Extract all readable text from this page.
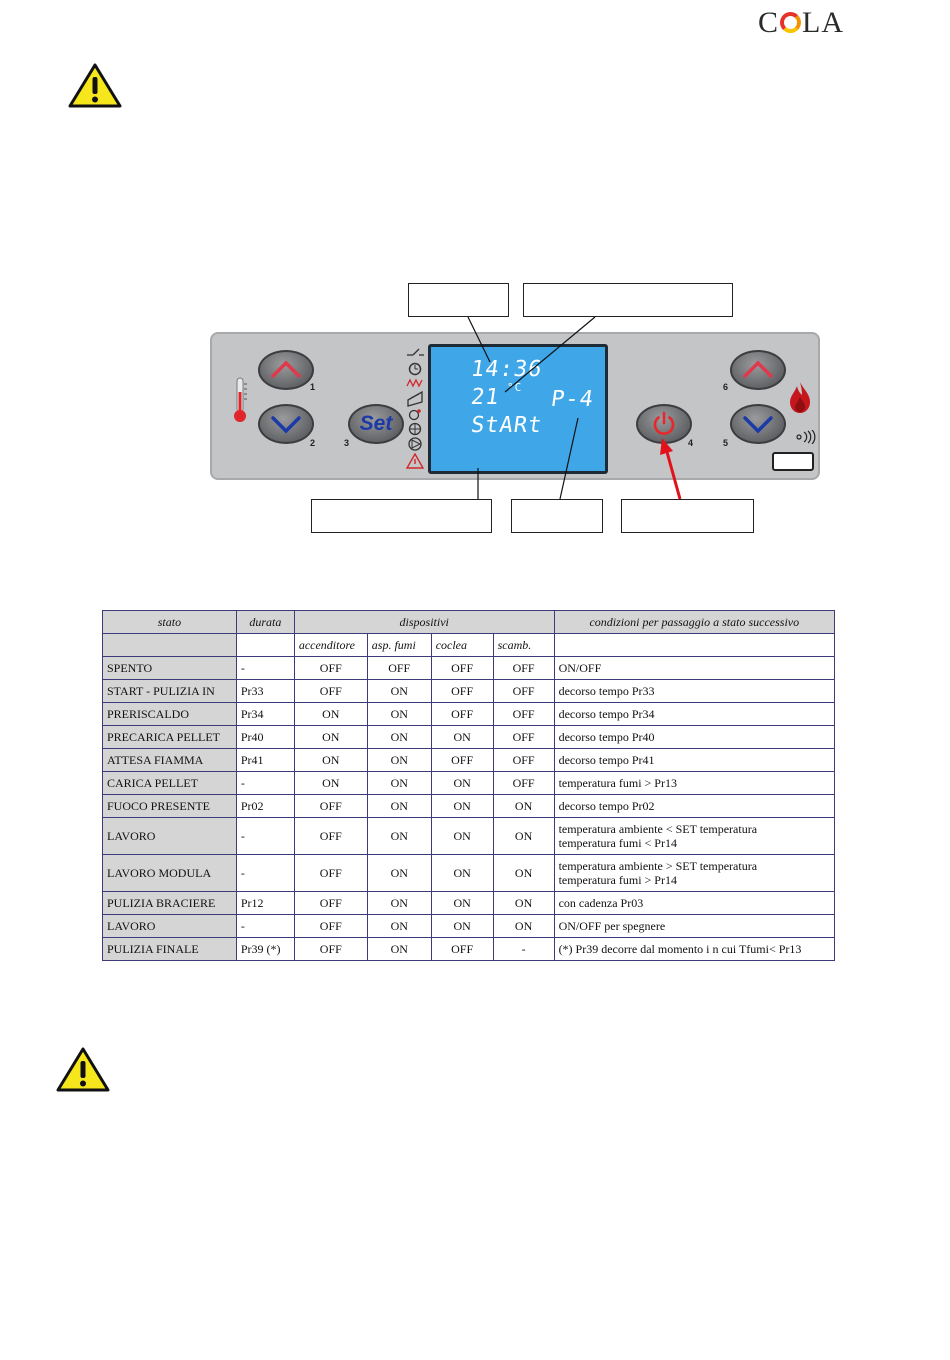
C LA
1
2
Set
3
14:36
21 °C P-4
StARt
4
6
5
stato	durata	dispositivi				condizioni per passaggio a stato successivo
		accenditore	asp. fumi	coclea	scamb.	
SPENTO	-	OFF	OFF	OFF	OFF	ON/OFF

START - PULIZIA IN	Pr33	OFF	ON	OFF	OFF	decorso tempo Pr33

PRERISCALDO	Pr34	ON	ON	OFF	OFF	decorso tempo Pr34

PRECARICA PELLET	Pr40	ON	ON	ON	OFF	decorso tempo Pr40

ATTESA FIAMMA	Pr41	ON	ON	OFF	OFF	decorso tempo Pr41

CARICA PELLET	-	ON	ON	ON	OFF	temperatura fumi > Pr13

FUOCO PRESENTE	Pr02	OFF	ON	ON	ON	decorso tempo Pr02

LAVORO	-	OFF	ON	ON	ON	temperatura ambiente < SET temperatura
temperatura fumi < Pr14

LAVORO MODULA	-	OFF	ON	ON	ON	temperatura ambiente > SET temperatura
temperatura fumi > Pr14

PULIZIA BRACIERE	Pr12	OFF	ON	ON	ON	con cadenza Pr03

LAVORO	-	OFF	ON	ON	ON	ON/OFF per spegnere

PULIZIA FINALE	Pr39 (*)	OFF	ON	OFF	-	(*) Pr39 decorre dal momento i n cui Tfumi< Pr13
